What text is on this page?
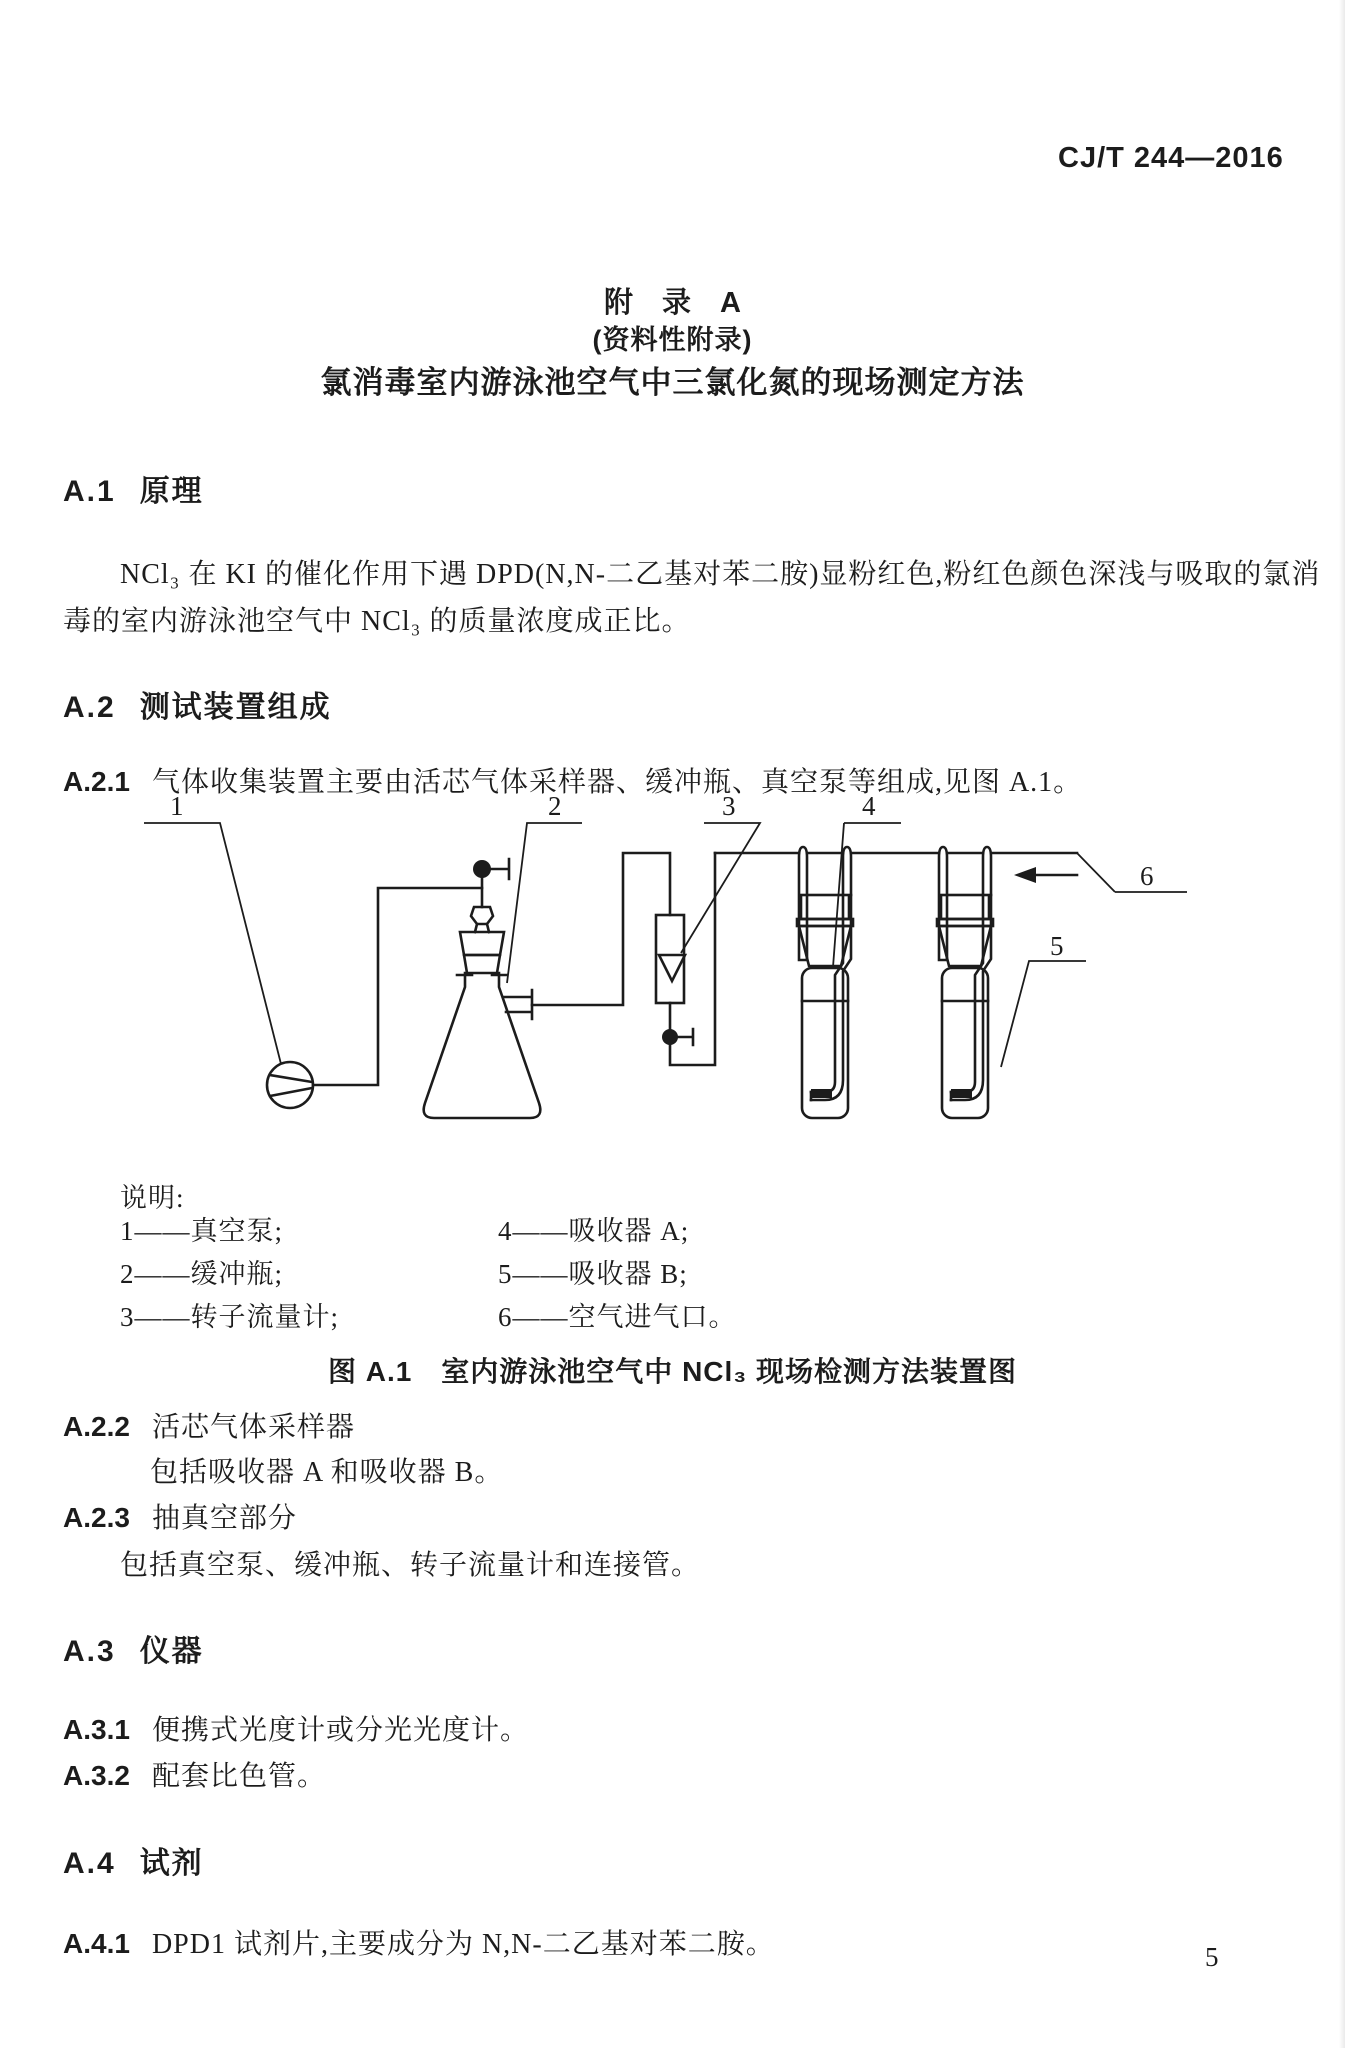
CJ/T 244—2016
附　录　A
(资料性附录)
氯消毒室内游泳池空气中三氯化氮的现场测定方法
A.1 原理
NCl₃ 在 KI 的催化作用下遇 DPD(N,N-二乙基对苯二胺)显粉红色,粉红色颜色深浅与吸取的氯消
毒的室内游泳池空气中 NCl₃ 的质量浓度成正比。
A.2 测试装置组成
A.2.1 气体收集装置主要由活芯气体采样器、缓冲瓶、真空泵等组成,见图 A.1。
1	2	3	4
5
6
说明:
1——真空泵;
2——缓冲瓶;
3——转子流量计;
4——吸收器 A;
5——吸收器 B;
6——空气进气口。
图 A.1　室内游泳池空气中 NCl₃ 现场检测方法装置图
A.2.2 活芯气体采样器
包括吸收器 A 和吸收器 B。
A.2.3 抽真空部分
包括真空泵、缓冲瓶、转子流量计和连接管。
A.3 仪器
A.3.1 便携式光度计或分光光度计。
A.3.2 配套比色管。
A.4 试剂
A.4.1 DPD1 试剂片,主要成分为 N,N-二乙基对苯二胺。	5
